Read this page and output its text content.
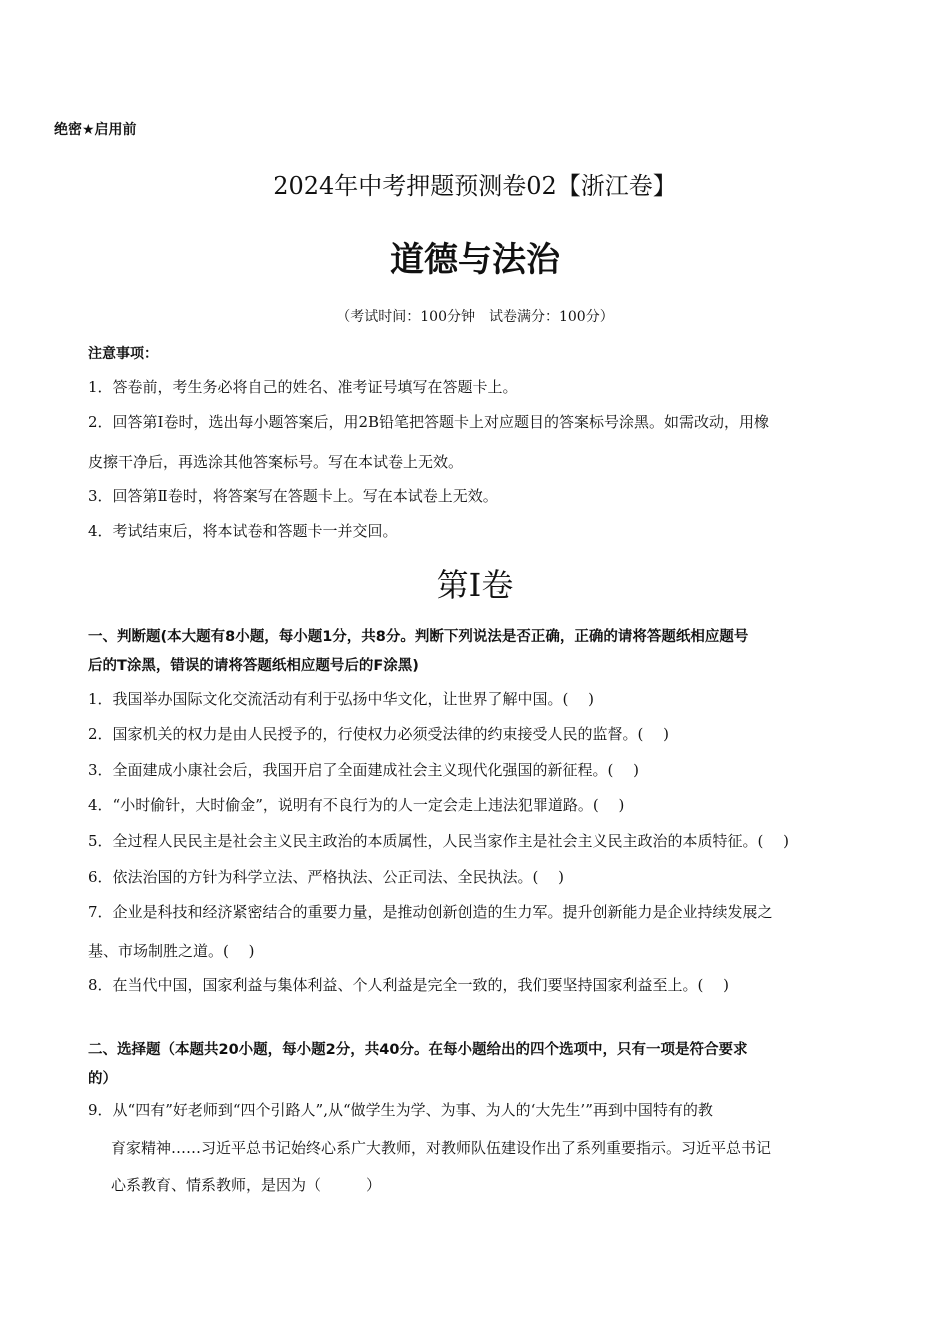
绝密★启用前
2024年中考押题预测卷02【浙江卷】
道德与法治
（考试时间：100分钟　试卷满分：100分）
注意事项：
1．答卷前，考生务必将自己的姓名、准考证号填写在答题卡上。
2．回答第Ⅰ卷时，选出每小题答案后，用2B铅笔把答题卡上对应题目的答案标号涂黑。如需改动，用橡
皮擦干净后，再选涂其他答案标号。写在本试卷上无效。
3．回答第Ⅱ卷时，将答案写在答题卡上。写在本试卷上无效。
4．考试结束后，将本试卷和答题卡一并交回。
第Ⅰ卷
一、判断题(本大题有8小题，每小题1分，共8分。判断下列说法是否正确，正确的请将答题纸相应题号
后的T涂黑，错误的请将答题纸相应题号后的F涂黑)
1．我国举办国际文化交流活动有利于弘扬中华文化，让世界了解中国。(　 )
2．国家机关的权力是由人民授予的，行使权力必须受法律的约束接受人民的监督。(　 )
3．全面建成小康社会后，我国开启了全面建成社会主义现代化强国的新征程。(　 )
4．“小时偷针，大时偷金”，说明有不良行为的人一定会走上违法犯罪道路。(　 )
5．全过程人民民主是社会主义民主政治的本质属性，人民当家作主是社会主义民主政治的本质特征。(　 )
6．依法治国的方针为科学立法、严格执法、公正司法、全民执法。(　 )
7．企业是科技和经济紧密结合的重要力量，是推动创新创造的生力军。提升创新能力是企业持续发展之
基、市场制胜之道。(　 )
8．在当代中国，国家利益与集体利益、个人利益是完全一致的，我们要坚持国家利益至上。(　 )
二、选择题（本题共20小题，每小题2分，共40分。在每小题给出的四个选项中，只有一项是符合要求
的）
9．从“四有”好老师到“四个引路人”,从“做学生为学、为事、为人的‘大先生’”再到中国特有的教
育家精神……习近平总书记始终心系广大教师，对教师队伍建设作出了系列重要指示。习近平总书记
心系教育、情系教师，是因为（　　　）
